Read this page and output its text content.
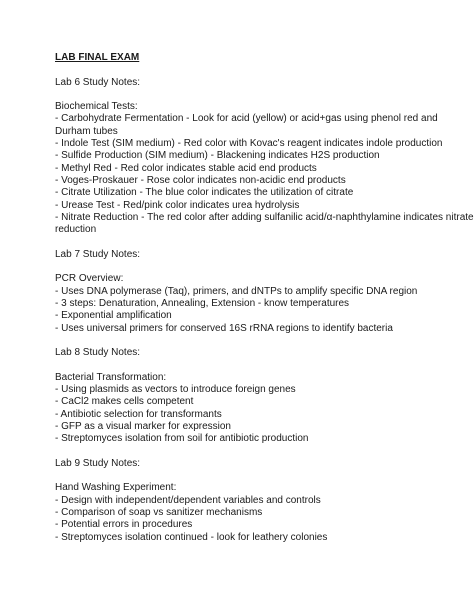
LAB FINAL EXAM
Lab 6 Study Notes:
Biochemical Tests:
- Carbohydrate Fermentation - Look for acid (yellow) or acid+gas using phenol red and Durham tubes
- Indole Test (SIM medium) - Red color with Kovac's reagent indicates indole production
- Sulfide Production (SIM medium) - Blackening indicates H2S production
- Methyl Red - Red color indicates stable acid end products
- Voges-Proskauer - Rose color indicates non-acidic end products
- Citrate Utilization - The blue color indicates the utilization of citrate
- Urease Test - Red/pink color indicates urea hydrolysis
- Nitrate Reduction - The red color after adding sulfanilic acid/α-naphthylamine indicates nitrate reduction
Lab 7 Study Notes:
PCR Overview:
- Uses DNA polymerase (Taq), primers, and dNTPs to amplify specific DNA region
- 3 steps: Denaturation, Annealing, Extension - know temperatures
- Exponential amplification
- Uses universal primers for conserved 16S rRNA regions to identify bacteria
Lab 8 Study Notes:
Bacterial Transformation:
- Using plasmids as vectors to introduce foreign genes
- CaCl2 makes cells competent
- Antibiotic selection for transformants
- GFP as a visual marker for expression
- Streptomyces isolation from soil for antibiotic production
Lab 9 Study Notes:
Hand Washing Experiment:
- Design with independent/dependent variables and controls
- Comparison of soap vs sanitizer mechanisms
- Potential errors in procedures
- Streptomyces isolation continued - look for leathery colonies
